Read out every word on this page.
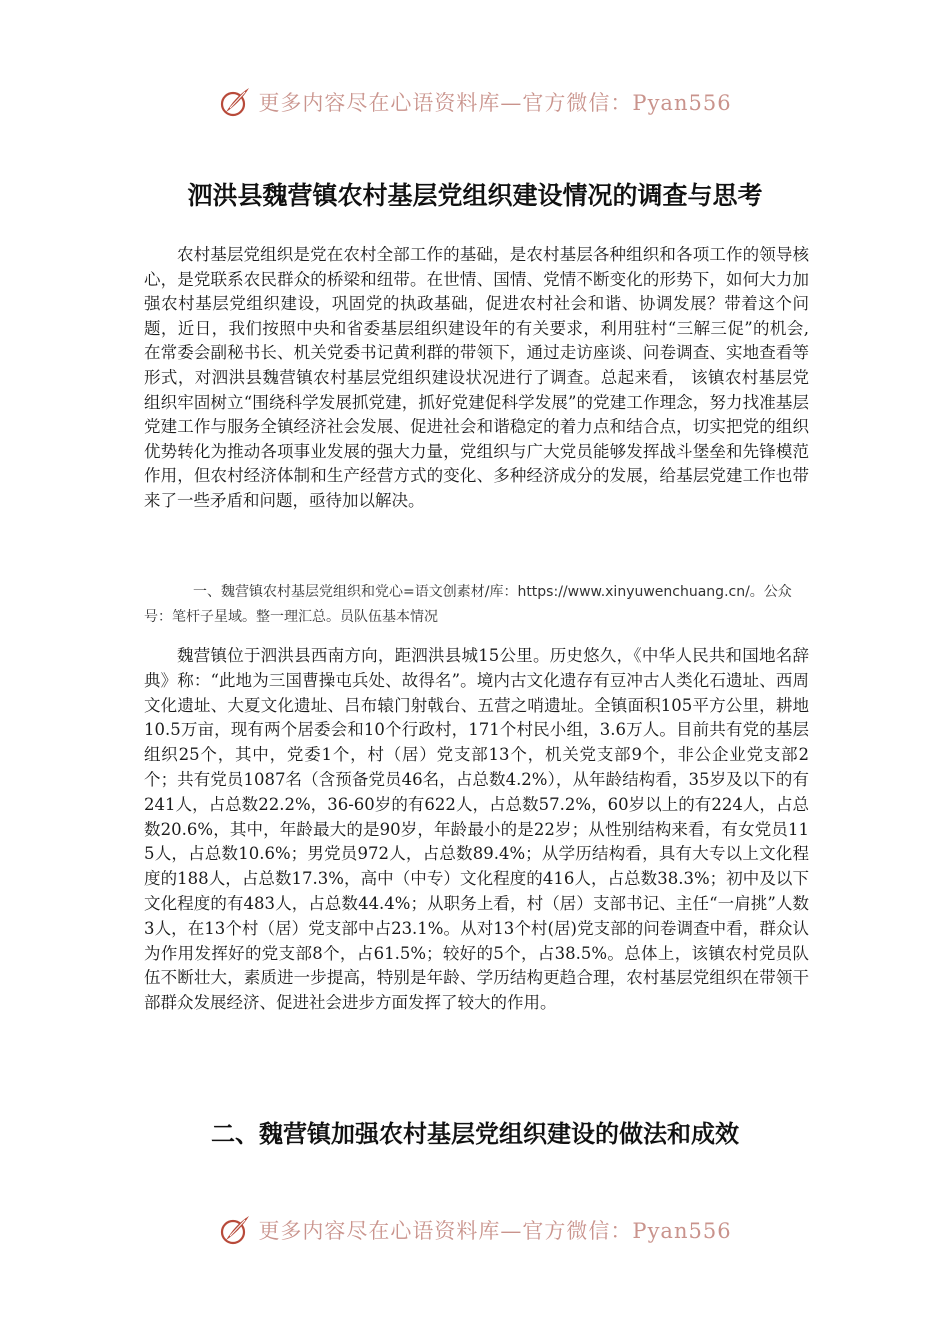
更多内容尽在心语资料库—官方微信：Pyan556
泗洪县魏营镇农村基层党组织建设情况的调查与思考

农村基层党组织是党在农村全部工作的基础，是农村基层各种组织和各项工作的领导核心，是党联系农民群众的桥梁和纽带。在世情、国情、党情不断变化的形势下，如何大力加强农村基层党组织建设，巩固党的执政基础，促进农村社会和谐、协调发展？带着这个问题，近日，我们按照中央和省委基层组织建设年的有关要求，利用驻村“三解三促”的机会,在常委会副秘书长、机关党委书记黄利群的带领下，通过走访座谈、问卷调查、实地查看等形式，对泗洪县魏营镇农村基层党组织建设状况进行了调查。总起来看， 该镇农村基层党组织牢固树立“围绕科学发展抓党建，抓好党建促科学发展”的党建工作理念，努力找准基层党建工作与服务全镇经济社会发展、促进社会和谐稳定的着力点和结合点，切实把党的组织优势转化为推动各项事业发展的强大力量，党组织与广大党员能够发挥战斗堡垒和先锋模范作用，但农村经济体制和生产经营方式的变化、多种经济成分的发展，给基层党建工作也带来了一些矛盾和问题，亟待加以解决。

一、魏营镇农村基层党组织和党心=语文创素材/库：https://www.xinyuwenchuang.cn/。公众号：笔杆子星域。整一理汇总。员队伍基本情况

魏营镇位于泗洪县西南方向，距泗洪县城15公里。历史悠久，《中华人民共和国地名辞典》称：“此地为三国曹操屯兵处、故得名”。境内古文化遗存有豆冲古人类化石遗址、西周文化遗址、大夏文化遗址、吕布辕门射戟台、五营之哨遗址。全镇面积105平方公里，耕地10.5万亩，现有两个居委会和10个行政村，171个村民小组，3.6万人。目前共有党的基层组织25个，其中，党委1个，村（居）党支部13个，机关党支部9个，非公企业党支部2个；共有党员1087名（含预备党员46名，占总数4.2%），从年龄结构看，35岁及以下的有241人，占总数22.2%，36-60岁的有622人，占总数57.2%，60岁以上的有224人，占总数20.6%，其中，年龄最大的是90岁，年龄最小的是22岁；从性别结构来看，有女党员115人，占总数10.6%；男党员972人，占总数89.4%；从学历结构看，具有大专以上文化程度的188人，占总数17.3%，高中（中专）文化程度的416人，占总数38.3%；初中及以下文化程度的有483人，占总数44.4%；从职务上看，村（居）支部书记、主任“一肩挑”人数3人，在13个村（居）党支部中占23.1%。从对13个村(居)党支部的问卷调查中看，群众认为作用发挥好的党支部8个，占61.5%；较好的5个，占38.5%。总体上，该镇农村党员队伍不断壮大，素质进一步提高，特别是年龄、学历结构更趋合理，农村基层党组织在带领干部群众发展经济、促进社会进步方面发挥了较大的作用。

二、魏营镇加强农村基层党组织建设的做法和成效
更多内容尽在心语资料库—官方微信：Pyan556
